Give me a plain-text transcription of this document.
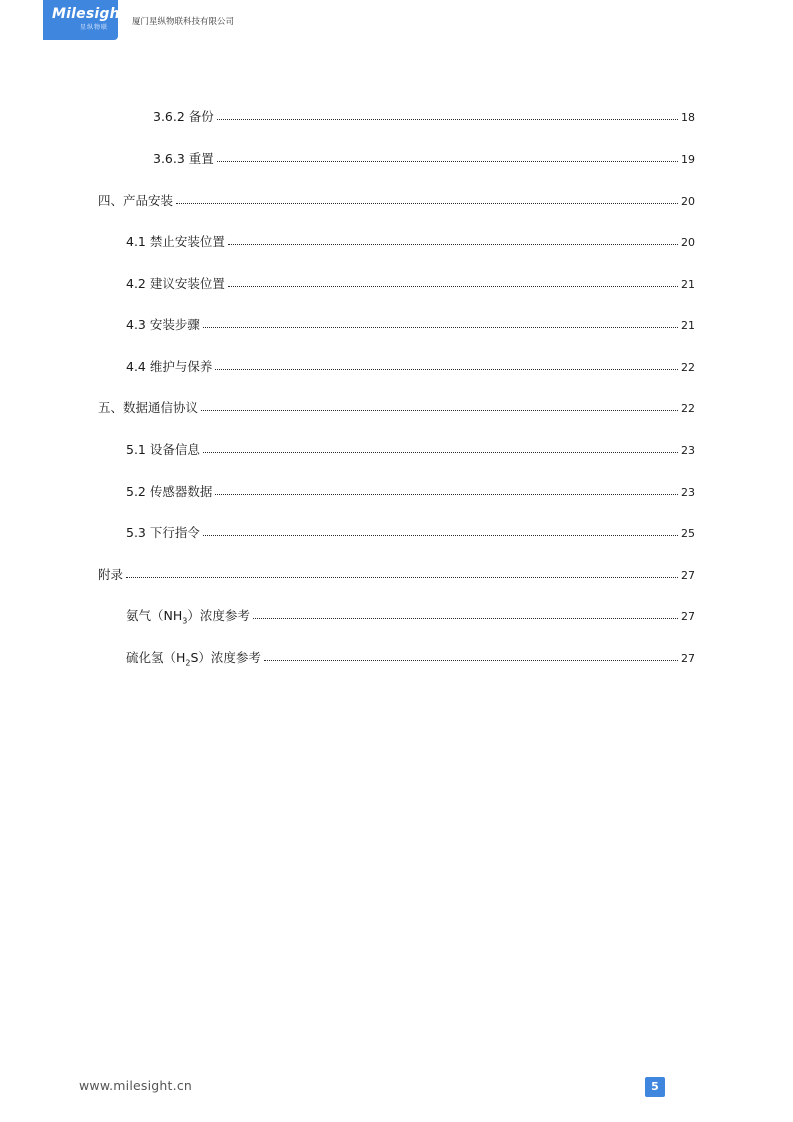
Milesight
星纵物联
厦门星纵物联科技有限公司
3.6.2 备份	18
3.6.3 重置	19
四、产品安装	20
4.1 禁止安装位置	20
4.2 建议安装位置	21
4.3 安装步骤	21
4.4 维护与保养	22
五、数据通信协议	22
5.1 设备信息	23
5.2 传感器数据	23
5.3 下行指令	25
附录	27
氨气$(NH_3)$浓度参考	27
硫化氢$(H_2S)$浓度参考	27
www.milesight.cn	5
